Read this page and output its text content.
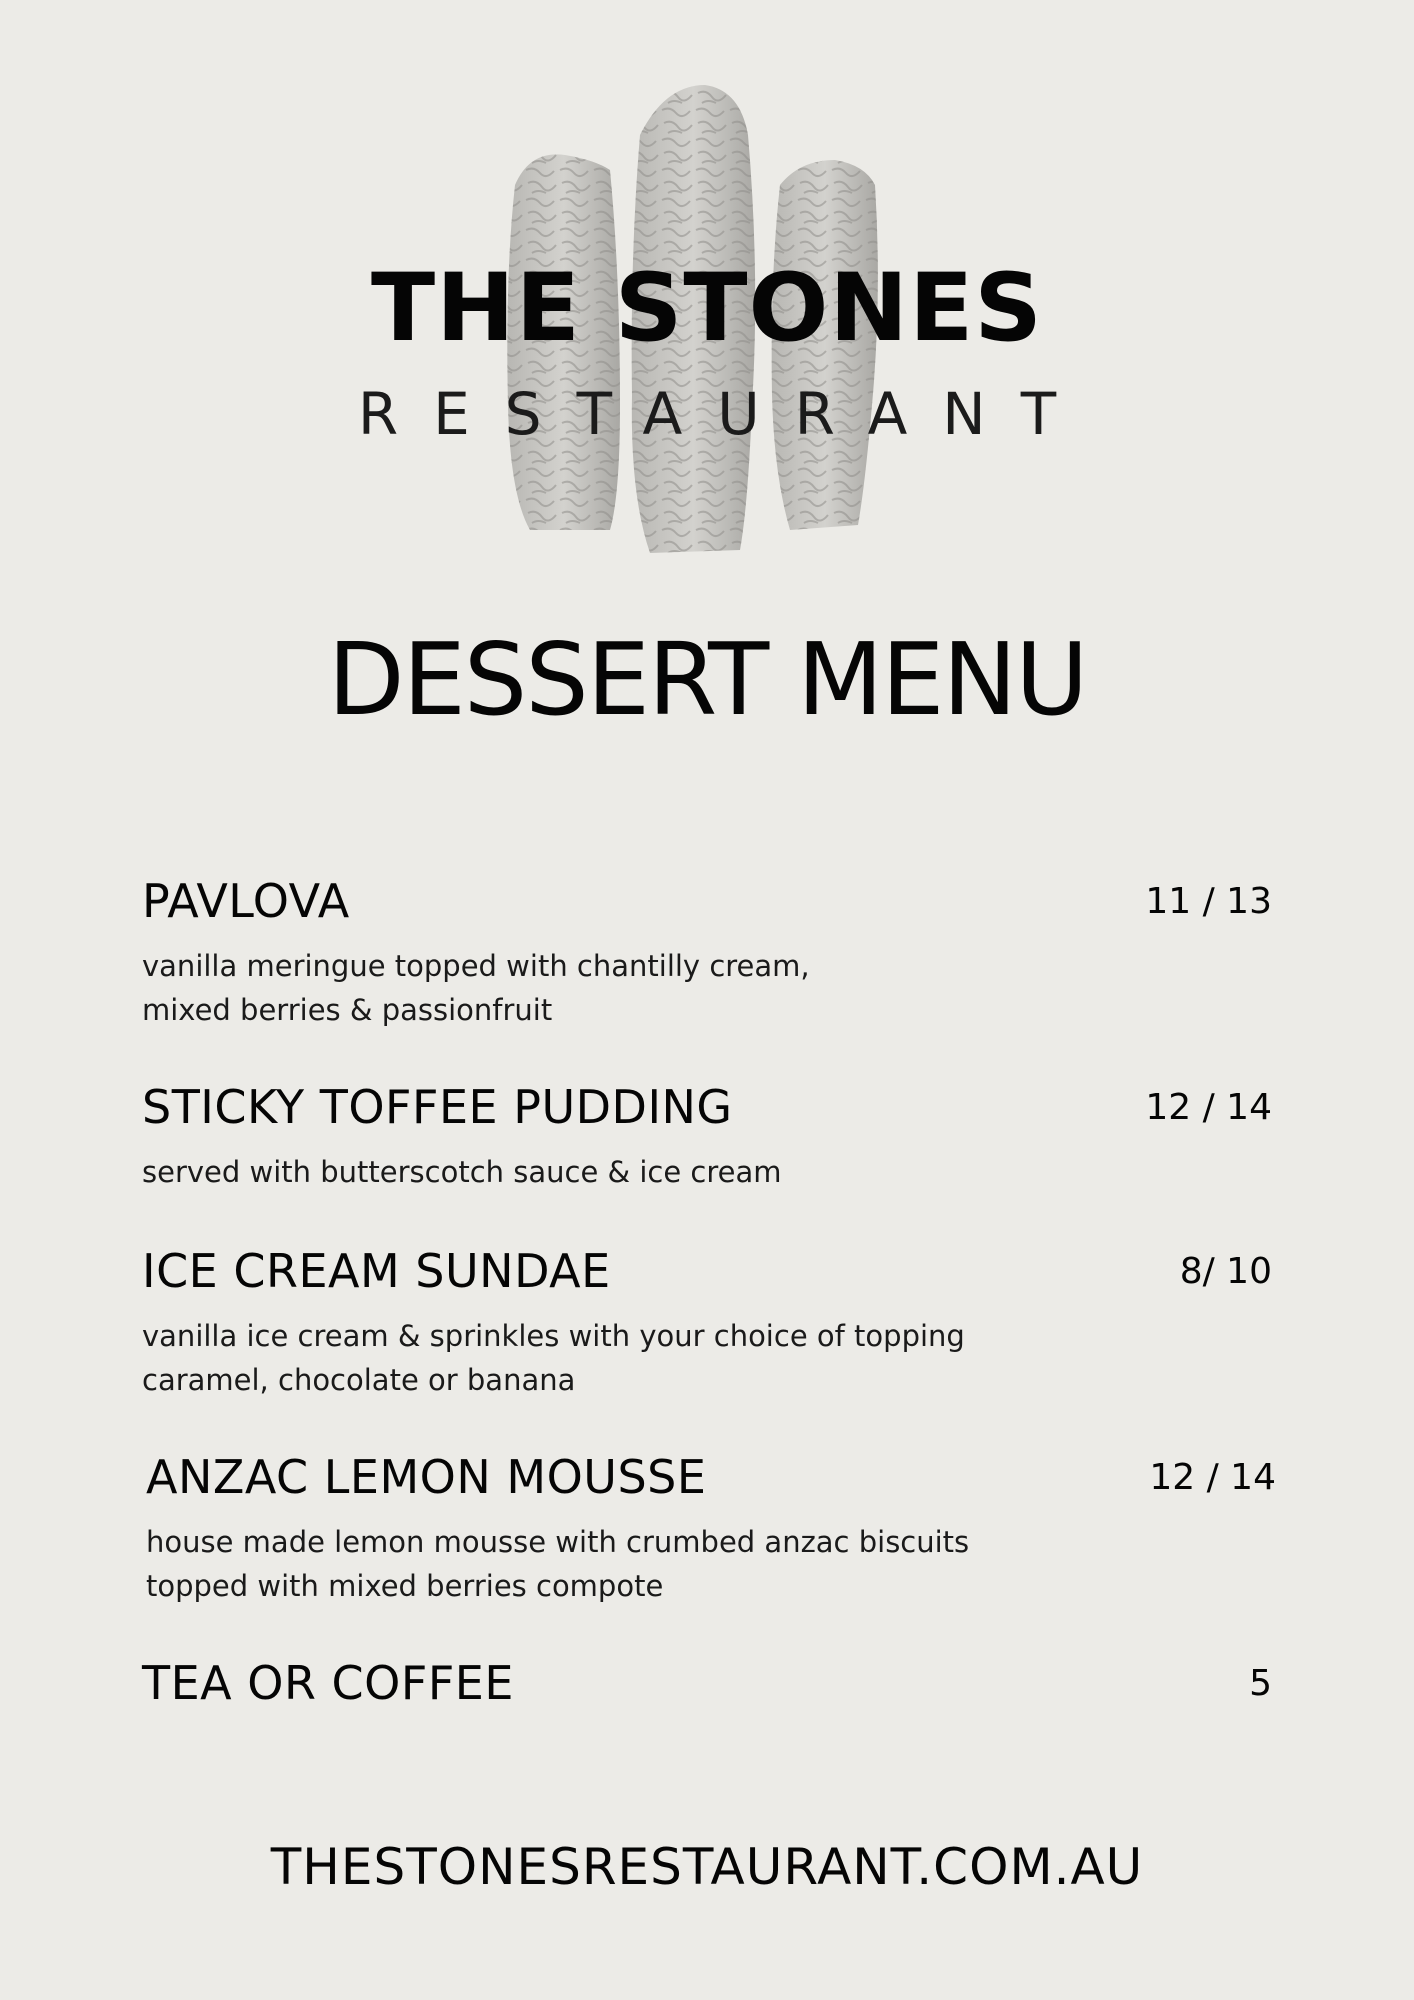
THE STONES
RESTAURANT
DESSERT MENU
PAVLOVA	11 / 13
vanilla meringue topped with chantilly cream,
mixed berries & passionfruit
STICKY TOFFEE PUDDING	12 / 14
served with butterscotch sauce & ice cream
ICE CREAM SUNDAE	8/ 10
vanilla ice cream & sprinkles with your choice of topping
caramel, chocolate or banana
ANZAC LEMON MOUSSE	12 / 14
house made lemon mousse with crumbed anzac biscuits
topped with mixed berries compote
TEA OR COFFEE	5
THESTONESRESTAURANT.COM.AU
